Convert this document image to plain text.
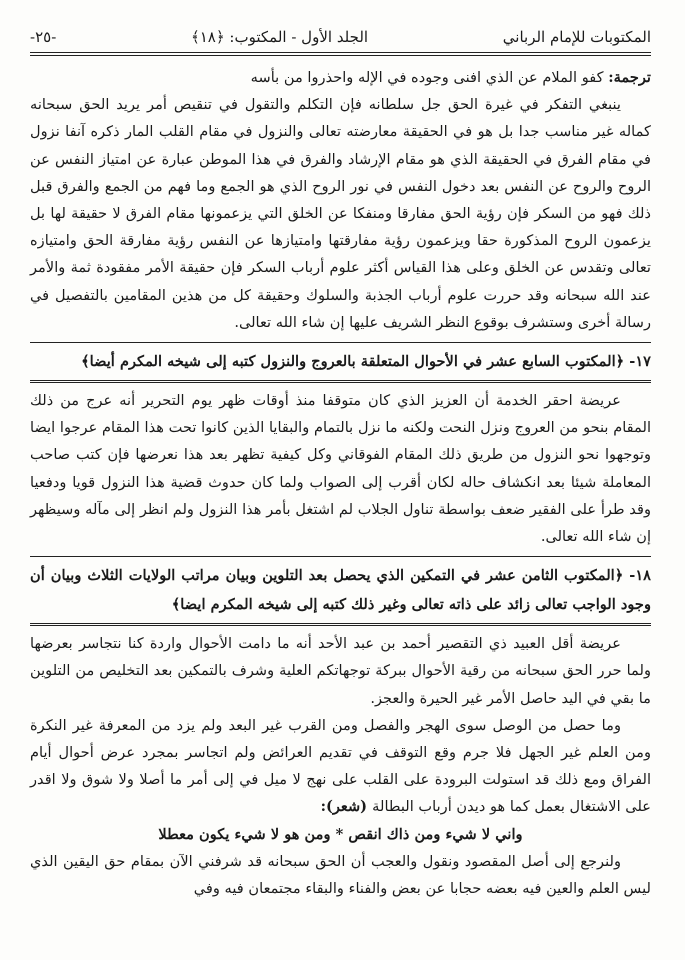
المكتوبات للإمام الرباني
الجلد الأول - المكتوب: ﴿١٨﴾
-٢٥-

ترجمة: كفو الملام عن الذي افنى وجوده في الإله واحذروا من بأسه

ينبغي التفكر في غيرة الحق جل سلطانه فإن التكلم والتقول في تنقيص أمر يريد الحق سبحانه كماله غير مناسب جدا بل هو في الحقيقة معارضته تعالى والنزول في مقام القلب المار ذكره آنفا نزول في مقام الفرق في الحقيقة الذي هو مقام الإرشاد والفرق في هذا الموطن عبارة عن امتياز النفس عن الروح والروح عن النفس بعد دخول النفس في نور الروح الذي هو الجمع وما فهم من الجمع والفرق قبل ذلك فهو من السكر فإن رؤية الحق مفارقا ومنفكا عن الخلق التي يزعمونها مقام الفرق لا حقيقة لها بل يزعمون الروح المذكورة حقا ويزعمون رؤية مفارقتها وامتيازها عن النفس رؤية مفارقة الحق وامتيازه تعالى وتقدس عن الخلق وعلى هذا القياس أكثر علوم أرباب السكر فإن حقيقة الأمر مفقودة ثمة والأمر عند الله سبحانه وقد حررت علوم أرباب الجذبة والسلوك وحقيقة كل من هذين المقامين بالتفصيل في رسالة أخرى وستشرف بوقوع النظر الشريف عليها إن شاء الله تعالى.

١٧- ﴿المكتوب السابع عشر في الأحوال المتعلقة بالعروج والنزول كتبه إلى شيخه المكرم أيضا﴾

عريضة احقر الخدمة أن العزيز الذي كان متوقفا منذ أوقات ظهر يوم التحرير أنه عرج من ذلك المقام بنحو من العروج ونزل النحت ولكنه ما نزل بالتمام والبقايا الذين كانوا تحت هذا المقام عرجوا ايضا وتوجهوا نحو النزول من طريق ذلك المقام الفوقاني وكل كيفية تظهر بعد هذا نعرضها فإن كتب صاحب المعاملة شيئا بعد انكشاف حاله لكان أقرب إلى الصواب ولما كان حدوث قضية هذا النزول قويا ودفعيا وقد طرأ على الفقير ضعف بواسطة تناول الجلاب لم اشتغل بأمر هذا النزول ولم انظر إلى مآله وسيظهر إن شاء الله تعالى.

١٨- ﴿المكتوب الثامن عشر في التمكين الذي يحصل بعد التلوين وبيان مراتب الولايات الثلاث وبيان أن وجود الواجب تعالى زائد على ذاته تعالى وغير ذلك كتبه إلى شيخه المكرم ايضا﴾

عريضة أقل العبيد ذي التقصير أحمد بن عبد الأحد أنه ما دامت الأحوال واردة كنا نتجاسر بعرضها ولما حرر الحق سبحانه من رقية الأحوال ببركة توجهاتكم العلية وشرف بالتمكين بعد التخليص من التلوين ما بقي في اليد حاصل الأمر غير الحيرة والعجز.

وما حصل من الوصل سوى الهجر والفصل ومن القرب غير البعد ولم يزد من المعرفة غير النكرة ومن العلم غير الجهل فلا جرم وقع التوقف في تقديم العرائض ولم اتجاسر بمجرد عرض أحوال أيام الفراق ومع ذلك قد استولت البرودة على القلب على نهج لا ميل في إلى أمر ما أصلا ولا شوق ولا اقدر على الاشتغال بعمل كما هو ديدن أرباب البطالة (شعر):

واني لا شيء ومن ذاك انقص * ومن هو لا شيء يكون معطلا

ولنرجع إلى أصل المقصود ونقول والعجب أن الحق سبحانه قد شرفني الآن بمقام حق اليقين الذي ليس العلم والعين فيه بعضه حجابا عن بعض والفناء والبقاء مجتمعان فيه وفي
